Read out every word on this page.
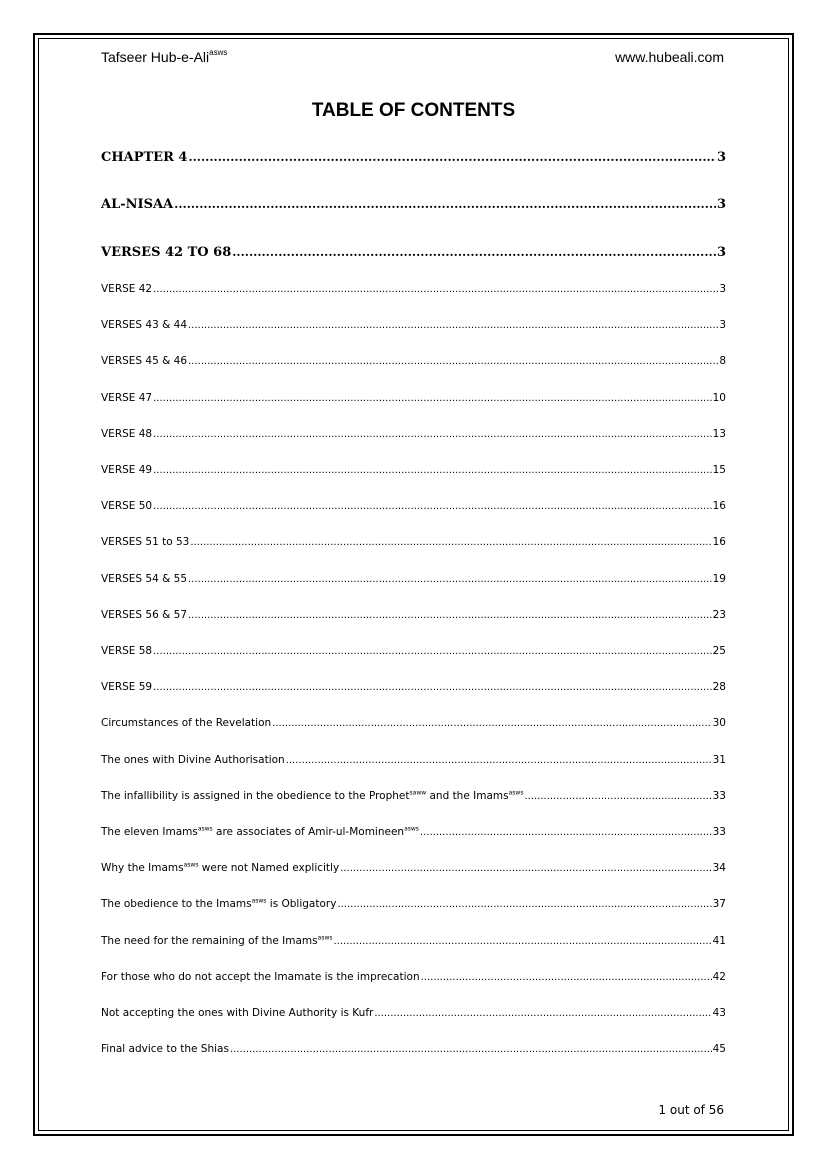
Tafseer Hub-e-Ali$^{asws}$	www.hubeali.com
TABLE OF CONTENTS
CHAPTER 4 .....	3
AL-NISAA .....	3
VERSES 42 TO 68 .....	3
VERSE 42 .....	3
VERSES 43 & 44 .....	3
VERSES 45 & 46 .....	8
VERSE 47 .....	10
VERSE 48 .....	13
VERSE 49 .....	15
VERSE 50 .....	16
VERSES 51 to 53 .....	16
VERSES 54 & 55 .....	19
VERSES 56 & 57 .....	23
VERSE 58 .....	25
VERSE 59 .....	28
Circumstances of the Revelation .....	30
The ones with Divine Authorisation .....	31
The infallibility is assigned in the obedience to the Prophet$^{saww}$ and the Imams$^{asws}$ .....	33
The eleven Imams$^{asws}$ are associates of Amir-ul-Momineen$^{asws}$ .....	33
Why the Imams$^{asws}$ were not Named explicitly .....	34
The obedience to the Imams$^{asws}$ is Obligatory .....	37
The need for the remaining of the Imams$^{asws}$ .....	41
For those who do not accept the Imamate is the imprecation .....	42
Not accepting the ones with Divine Authority is Kufr .....	43
Final advice to the Shias .....	45
1 out of 56
